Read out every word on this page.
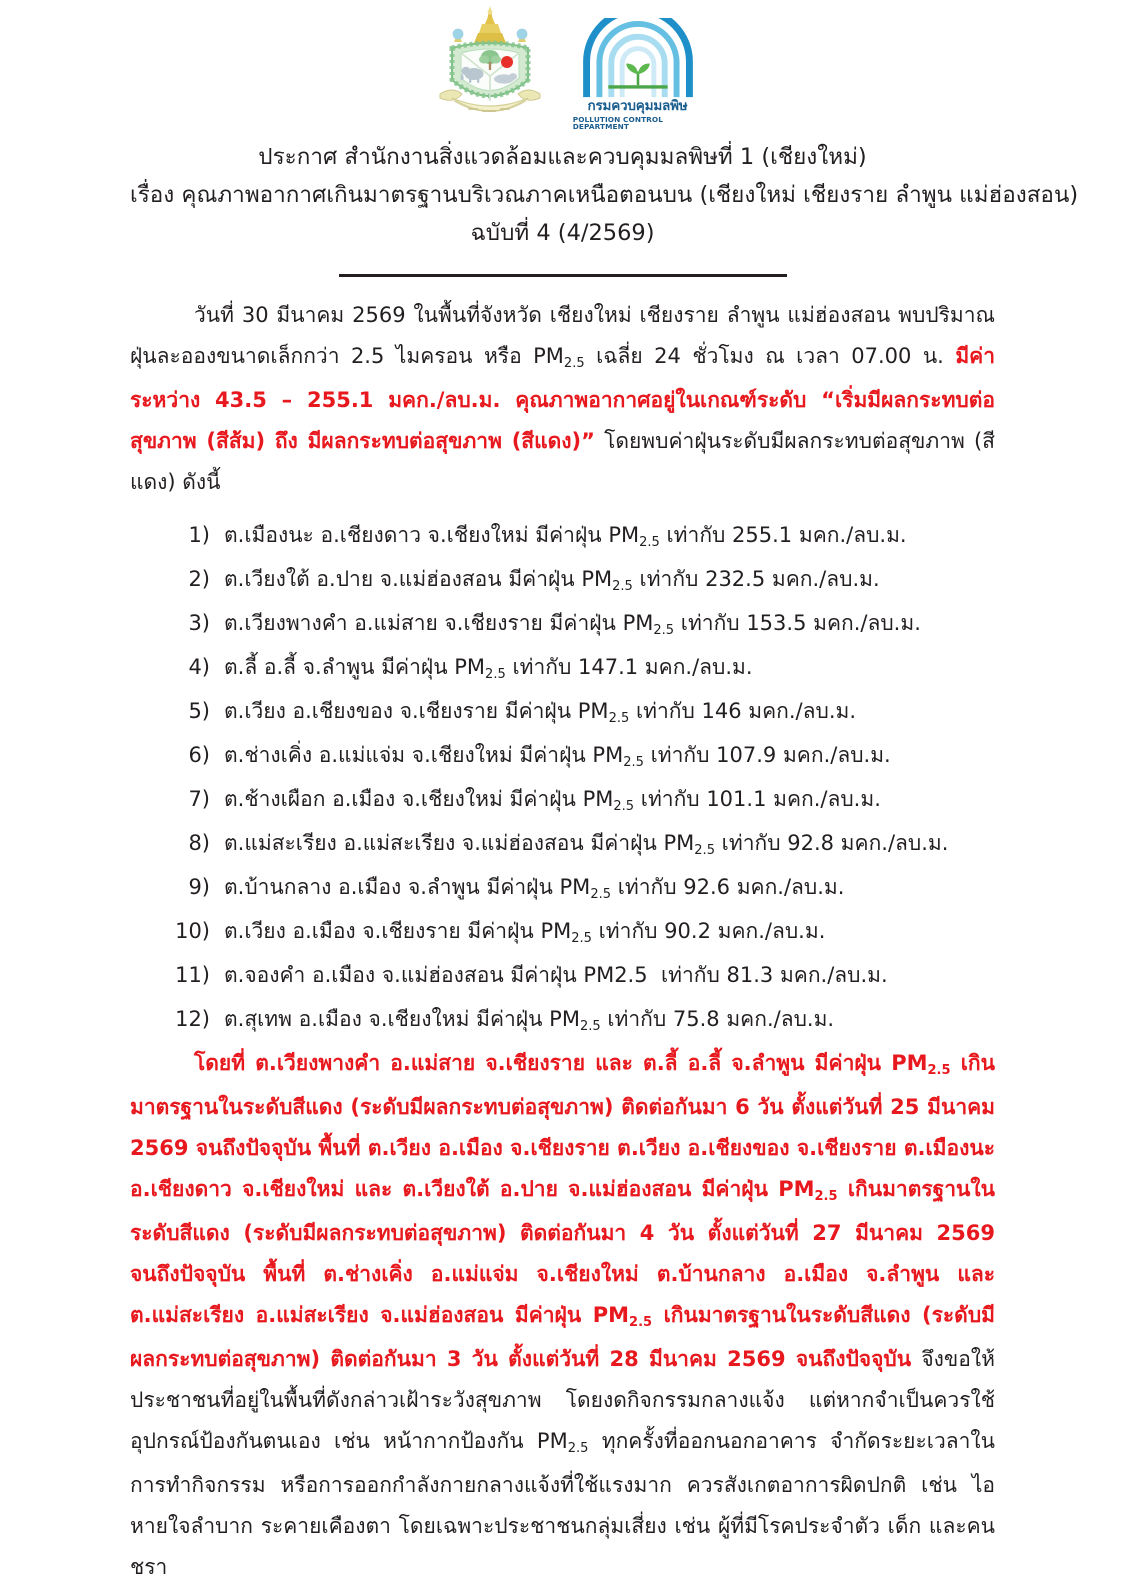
กรมควบคุมมลพิษ
POLLUTION CONTROL DEPARTMENT
ประกาศ สำนักงานสิ่งแวดล้อมและควบคุมมลพิษที่ 1 (เชียงใหม่)
เรื่อง คุณภาพอากาศเกินมาตรฐานบริเวณภาคเหนือตอนบน (เชียงใหม่ เชียงราย ลำพูน แม่ฮ่องสอน)
ฉบับที่ 4 (4/2569)

วันที่ 30 มีนาคม 2569 ในพื้นที่จังหวัด เชียงใหม่ เชียงราย ลำพูน แม่ฮ่องสอน พบปริมาณฝุ่นละอองขนาดเล็กกว่า 2.5 ไมครอน หรือ $PM_{2.5}$ เฉลี่ย 24 ชั่วโมง ณ เวลา 07.00 น. มีค่าระหว่าง 43.5 – 255.1 มคก./ลบ.ม. คุณภาพอากาศอยู่ในเกณฑ์ระดับ “เริ่มมีผลกระทบต่อสุขภาพ (สีส้ม) ถึง มีผลกระทบต่อสุขภาพ (สีแดง)” โดยพบค่าฝุ่นระดับมีผลกระทบต่อสุขภาพ (สีแดง) ดังนี้

1) ต.เมืองนะ อ.เชียงดาว จ.เชียงใหม่ มีค่าฝุ่น $PM_{2.5}$ เท่ากับ 255.1 มคก./ลบ.ม.
2) ต.เวียงใต้ อ.ปาย จ.แม่ฮ่องสอน มีค่าฝุ่น $PM_{2.5}$ เท่ากับ 232.5 มคก./ลบ.ม.
3) ต.เวียงพางคำ อ.แม่สาย จ.เชียงราย มีค่าฝุ่น $PM_{2.5}$ เท่ากับ 153.5 มคก./ลบ.ม.
4) ต.ลี้ อ.ลี้ จ.ลำพูน มีค่าฝุ่น $PM_{2.5}$ เท่ากับ 147.1 มคก./ลบ.ม.
5) ต.เวียง อ.เชียงของ จ.เชียงราย มีค่าฝุ่น $PM_{2.5}$ เท่ากับ 146 มคก./ลบ.ม.
6) ต.ช่างเคิ่ง อ.แม่แจ่ม จ.เชียงใหม่ มีค่าฝุ่น $PM_{2.5}$ เท่ากับ 107.9 มคก./ลบ.ม.
7) ต.ช้างเผือก อ.เมือง จ.เชียงใหม่ มีค่าฝุ่น $PM_{2.5}$ เท่ากับ 101.1 มคก./ลบ.ม.
8) ต.แม่สะเรียง อ.แม่สะเรียง จ.แม่ฮ่องสอน มีค่าฝุ่น $PM_{2.5}$ เท่ากับ 92.8 มคก./ลบ.ม.
9) ต.บ้านกลาง อ.เมือง จ.ลำพูน มีค่าฝุ่น $PM_{2.5}$ เท่ากับ 92.6 มคก./ลบ.ม.
10) ต.เวียง อ.เมือง จ.เชียงราย มีค่าฝุ่น $PM_{2.5}$ เท่ากับ 90.2 มคก./ลบ.ม.
11) ต.จองคำ อ.เมือง จ.แม่ฮ่องสอน มีค่าฝุ่น PM2.5 เท่ากับ 81.3 มคก./ลบ.ม.
12) ต.สุเทพ อ.เมือง จ.เชียงใหม่ มีค่าฝุ่น $PM_{2.5}$ เท่ากับ 75.8 มคก./ลบ.ม.

โดยที่ ต.เวียงพางคำ อ.แม่สาย จ.เชียงราย และ ต.ลี้ อ.ลี้ จ.ลำพูน มีค่าฝุ่น $PM_{2.5}$ เกินมาตรฐานในระดับสีแดง (ระดับมีผลกระทบต่อสุขภาพ) ติดต่อกันมา 6 วัน ตั้งแต่วันที่ 25 มีนาคม 2569 จนถึงปัจจุบัน พื้นที่ ต.เวียง อ.เมือง จ.เชียงราย ต.เวียง อ.เชียงของ จ.เชียงราย ต.เมืองนะ อ.เชียงดาว จ.เชียงใหม่ และ ต.เวียงใต้ อ.ปาย จ.แม่ฮ่องสอน มีค่าฝุ่น $PM_{2.5}$ เกินมาตรฐานในระดับสีแดง (ระดับมีผลกระทบต่อสุขภาพ) ติดต่อกันมา 4 วัน ตั้งแต่วันที่ 27 มีนาคม 2569 จนถึงปัจจุบัน พื้นที่ ต.ช่างเคิ่ง อ.แม่แจ่ม จ.เชียงใหม่ ต.บ้านกลาง อ.เมือง จ.ลำพูน และ ต.แม่สะเรียง อ.แม่สะเรียง จ.แม่ฮ่องสอน มีค่าฝุ่น $PM_{2.5}$ เกินมาตรฐานในระดับสีแดง (ระดับมีผลกระทบต่อสุขภาพ) ติดต่อกันมา 3 วัน ตั้งแต่วันที่ 28 มีนาคม 2569 จนถึงปัจจุบัน จึงขอให้ประชาชนที่อยู่ในพื้นที่ดังกล่าวเฝ้าระวังสุขภาพ โดยงดกิจกรรมกลางแจ้ง แต่หากจำเป็นควรใช้อุปกรณ์ป้องกันตนเอง เช่น หน้ากากป้องกัน $PM_{2.5}$ ทุกครั้งที่ออกนอกอาคาร จำกัดระยะเวลาในการทำกิจกรรม หรือการออกกำลังกายกลางแจ้งที่ใช้แรงมาก ควรสังเกตอาการผิดปกติ เช่น ไอ หายใจลำบาก ระคายเคืองตา โดยเฉพาะประชาชนกลุ่มเสี่ยง เช่น ผู้ที่มีโรคประจำตัว เด็ก และคนชรา
